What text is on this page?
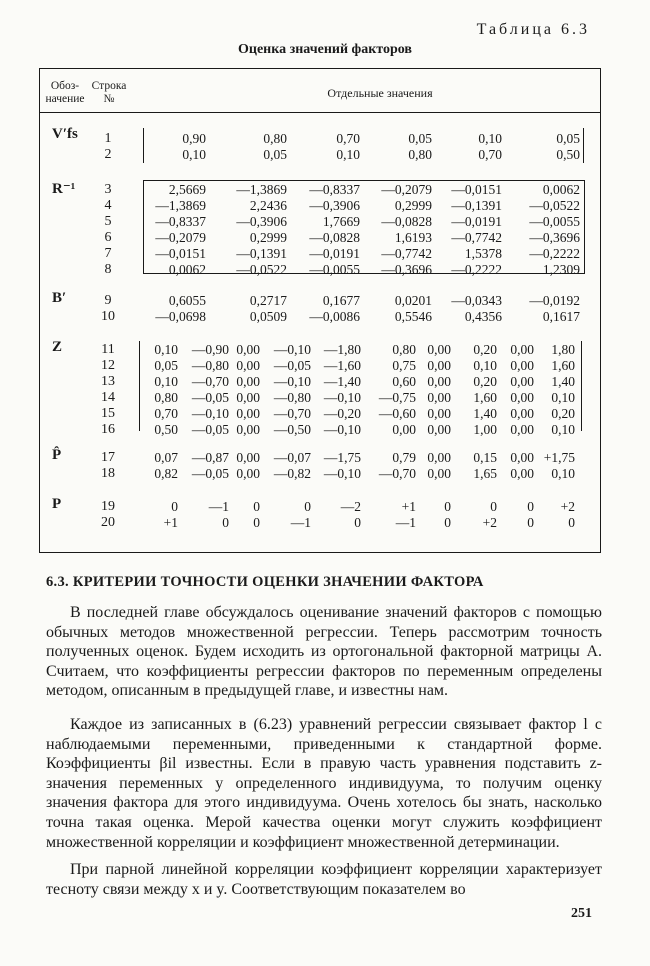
Таблица 6.3
Оценка значений факторов
Обоз-
начение
Строка
№	Отдельные значения
V′fs	1	0,90	0,80	0,70	0,05	0,10	0,05
2	0,10	0,05	0,10	0,80	0,70	0,50
R⁻¹	3	2,5669 —1,3869 —0,8337 —0,2079 —0,0151	0,0062
4	—1,3869	2,2436 —0,3906	0,2999 —0,1391 —0,0522
5	—0,8337 —0,3906	1,7669 —0,0828 —0,0191 —0,0055
6	—0,2079	0,2999 —0,0828	1,6193 —0,7742 —0,3696
7	—0,0151 —0,1391 —0,0191 —0,7742 1,5378 —0,2222
8	0,0062 —0,0522 —0,0055 —0,3696 —0,2222	1,2309
B′	9	0,6055	0,2717	0,1677	0,0201 —0,0343 —0,0192
10	—0,0698	0,0509 —0,0086	0,5546 0,4356	0,1617
Z	11	0,10 —0,90 0,00 —0,10 —1,80 0,80 0,00 0,20 0,00 1,80
12	0,05 —0,80 0,00 —0,05 —1,60 0,75 0,00 0,10 0,00 1,60
13	0,10 —0,70 0,00 —0,10 —1,40 0,60 0,00 0,20 0,00 1,40
14	0,80 —0,05 0,00 —0,80 —0,10 —0,75 0,00 1,60 0,00 0,10
15	0,70 —0,10 0,00 —0,70 —0,20 —0,60 0,00 1,40 0,00 0,20
16	0,50 —0,05 0,00 —0,50 —0,10 0,00 0,00 1,00 0,00 0,10
P̂	17	0,07 —0,87 0,00 —0,07 —1,75 0,79 0,00 0,15 0,00 +1,75
18	0,82 —0,05 0,00 —0,82 —0,10 —0,70 0,00 1,65 0,00 0,10
P	19	0 —1 0	0 —2	+1 0	0 0 +2
20	+1	0 0 —1	0	—1 0 +2 0	0
6.3. КРИТЕРИИ ТОЧНОСТИ ОЦЕНКИ ЗНАЧЕНИИ ФАКТОРА

В последней главе обсуждалось оценивание значений факторов с помощью обычных методов множественной регрессии. Теперь рассмотрим точность полученных оценок. Будем исходить из ортогональной факторной матрицы A. Считаем, что коэффициенты регрессии факторов по переменным определены методом, описанным в предыдущей главе, и известны нам.

Каждое из записанных в (6.23) уравнений регрессии связывает фактор l с наблюдаемыми переменными, приведенными к стандартной форме. Коэффициенты βil известны. Если в правую часть уравнения подставить z-значения переменных у определенного индивидуума, то получим оценку значения фактора для этого индивидуума. Очень хотелось бы знать, насколько точна такая оценка. Мерой качества оценки могут служить коэффициент множественной корреляции и коэффициент множественной детерминации.

При парной линейной корреляции коэффициент корреляции характеризует тесноту связи между x и y. Соответствующим показателем во

251
